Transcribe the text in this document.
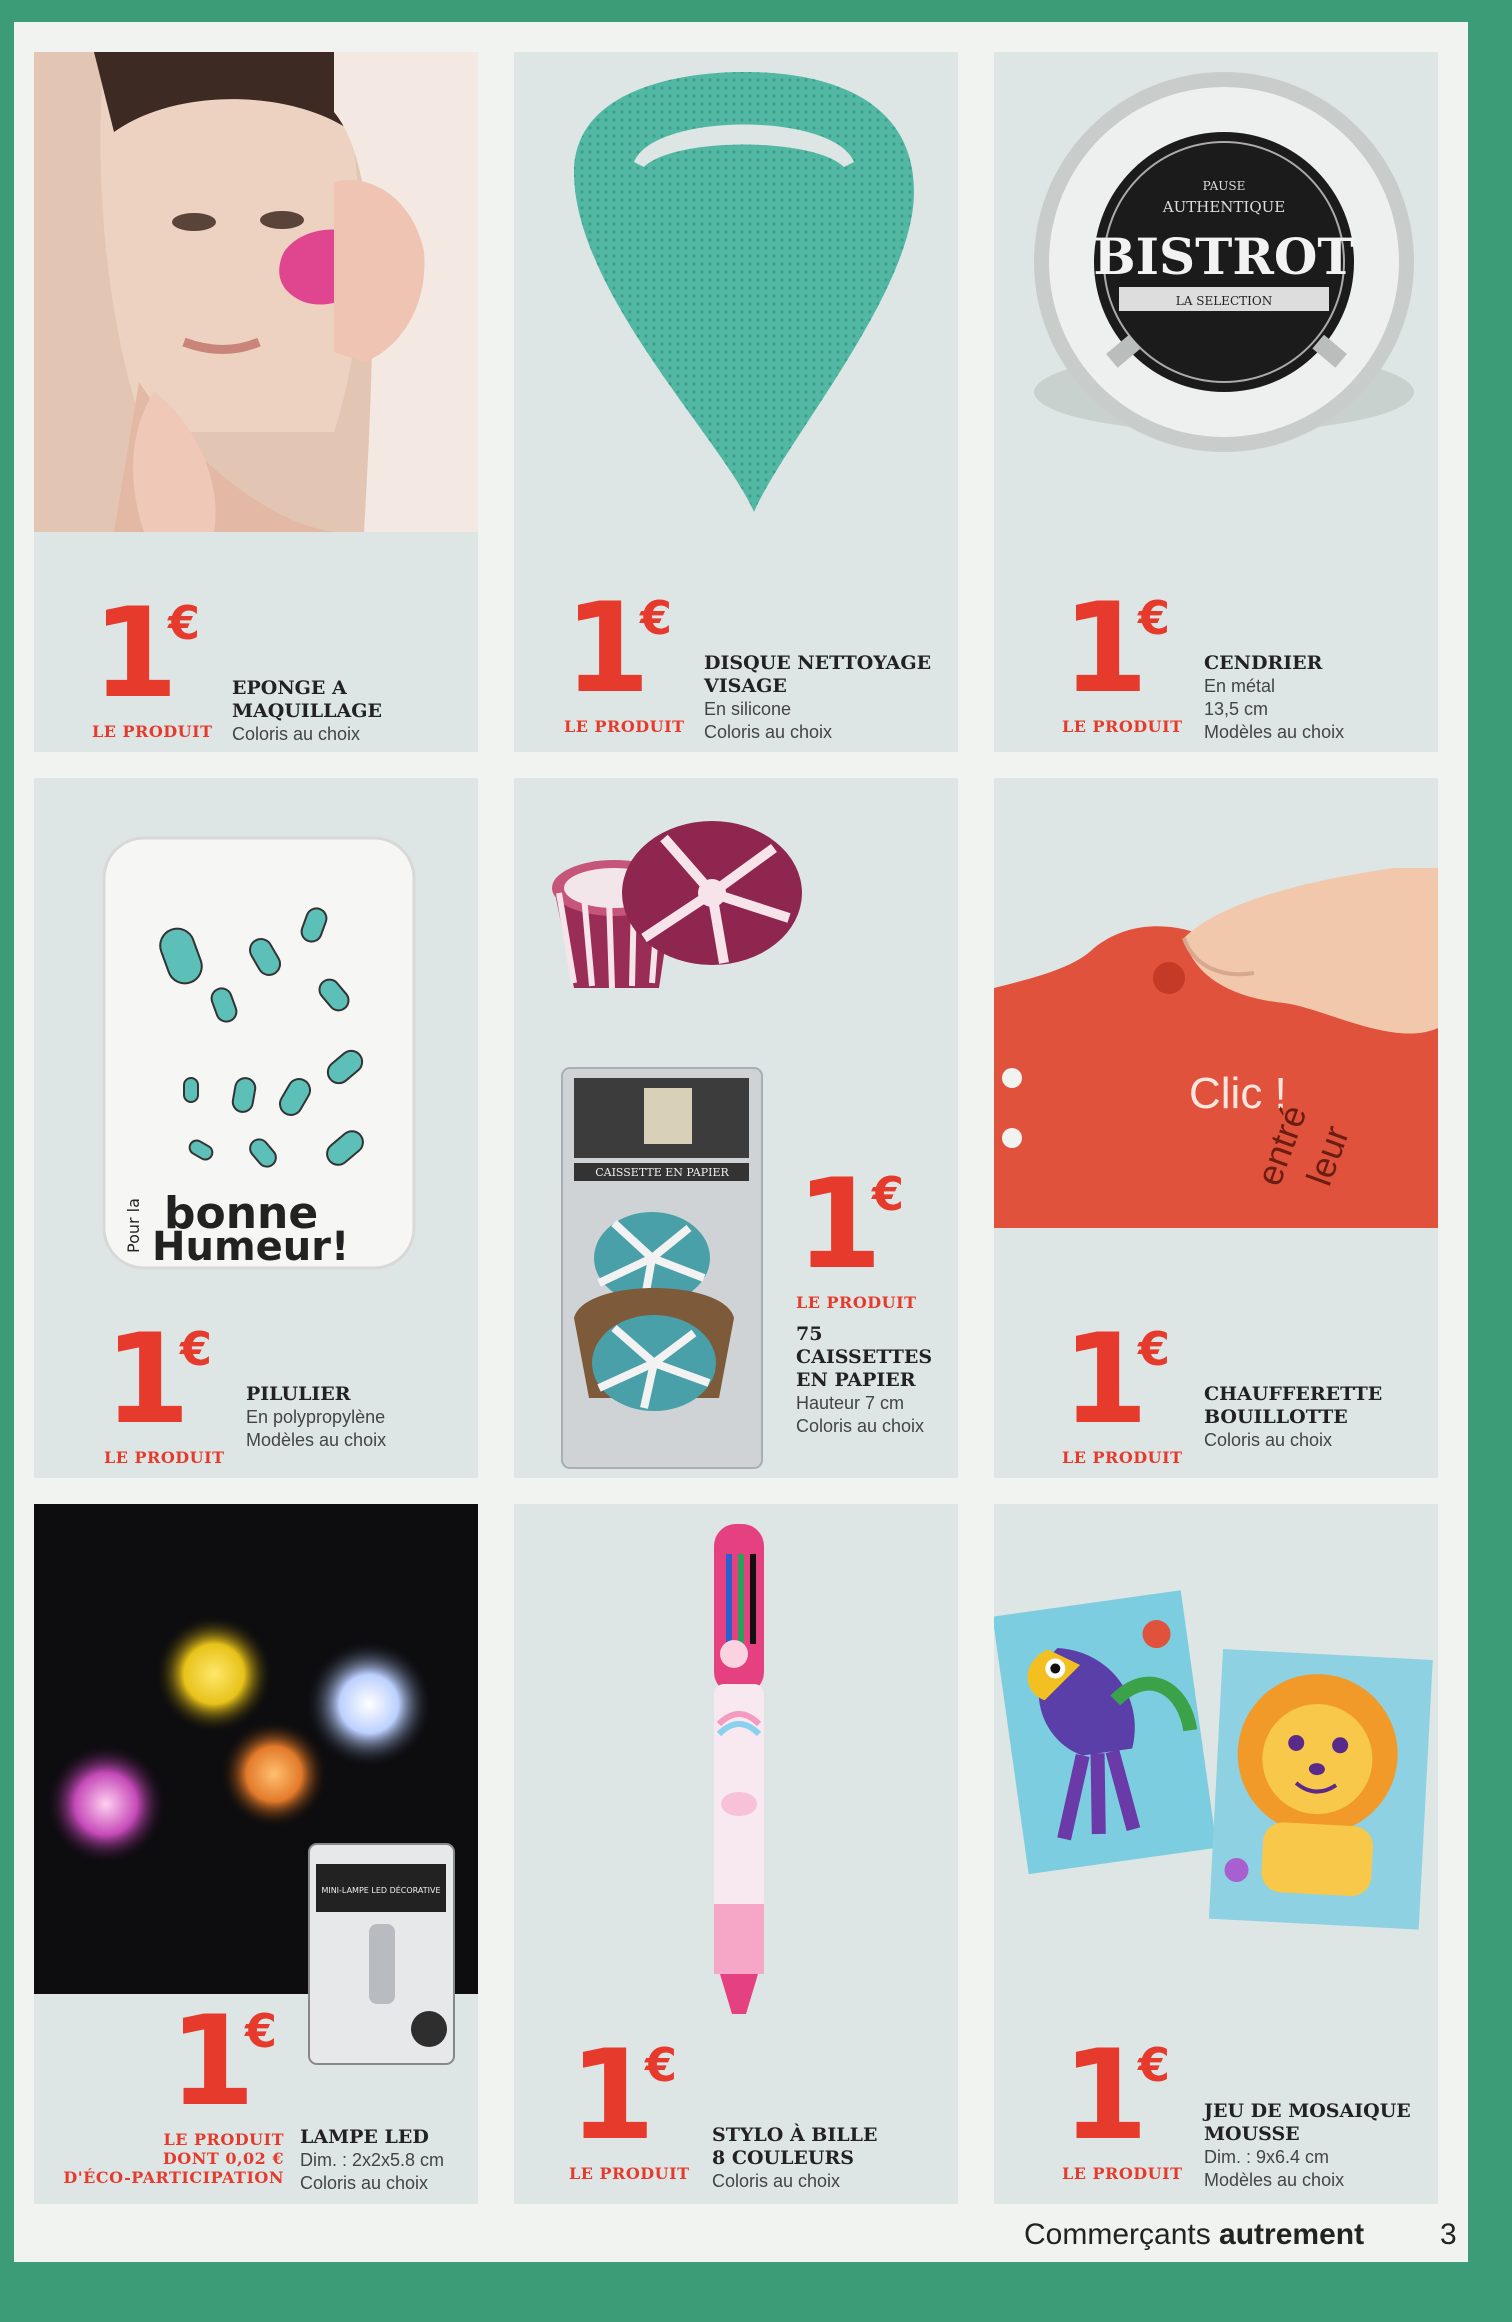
1
€
LE PRODUIT
EPONGE A
MAQUILLAGE
Coloris au choix
1
€
LE PRODUIT
DISQUE NETTOYAGE
VISAGE
En silicone
Coloris au choix
PAUSE
AUTHENTIQUE
BISTROT
LA SELECTION
1
€
LE PRODUIT
CENDRIER
En métal
13,5 cm
Modèles au choix
Pour la bonne
Humeur!
1
€
LE PRODUIT
PILULIER
En polypropylène
Modèles au choix
CAISSETTE EN PAPIER 1
€
LE PRODUIT
75
CAISSETTES
EN PAPIER
Hauteur 7 cm
Coloris au choix
Clic !
entré
leur
1
€
LE PRODUIT
CHAUFFERETTE
BOUILLOTTE
Coloris au choix
MINI-LAMPE LED DÉCORATIVE
1
€
LE PRODUIT
DONT 0,02 €
D'ÉCO-PARTICIPATION
LAMPE LED
Dim. : 2x2x5.8 cm
Coloris au choix
1
€
LE PRODUIT
STYLO À BILLE
8 COULEURS
Coloris au choix
1
€
LE PRODUIT
JEU DE MOSAIQUE
MOUSSE
Dim. : 9x6.4 cm
Modèles au choix
Commerçants autrement	3
